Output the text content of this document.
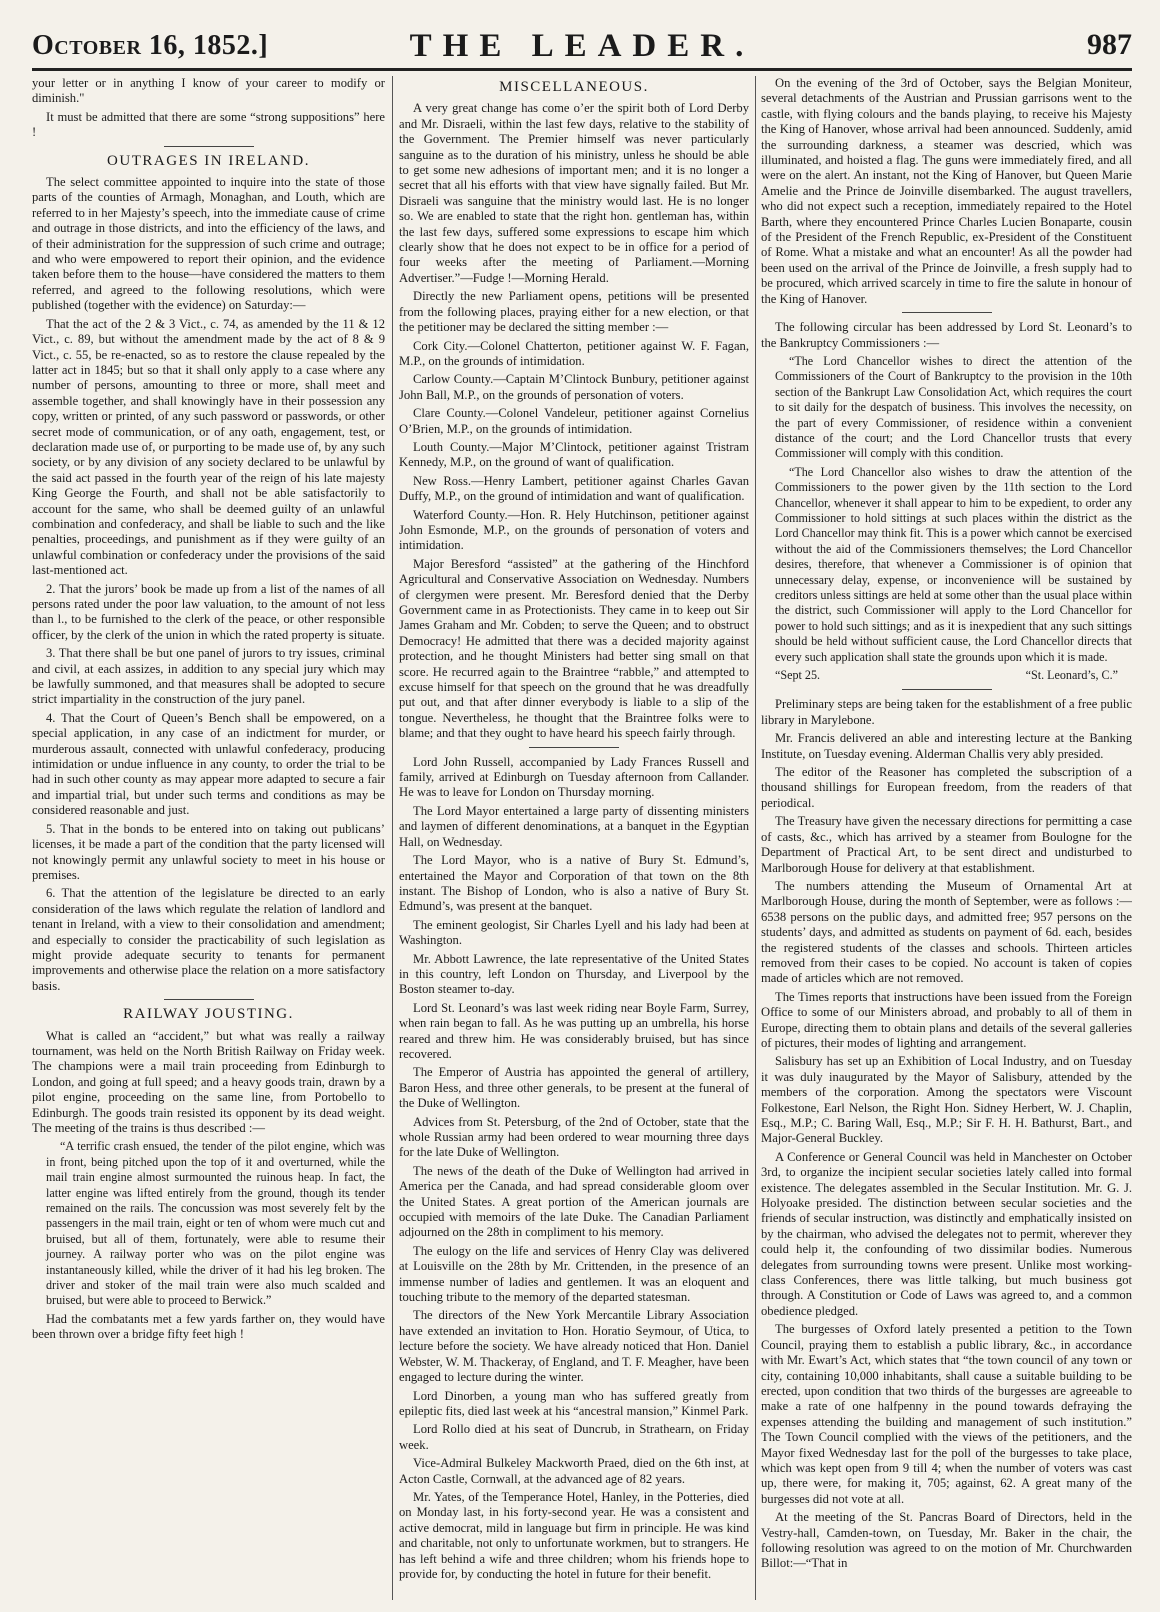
October 16, 1852.]	THE LEADER.	987

your letter or in anything I know of your career to modify or diminish."

It must be admitted that there are some “strong suppositions” here !

OUTRAGES IN IRELAND.

The select committee appointed to inquire into the state of those parts of the counties of Armagh, Monaghan, and Louth, which are referred to in her Majesty’s speech, into the immediate cause of crime and outrage in those districts, and into the efficiency of the laws, and of their administration for the suppression of such crime and outrage; and who were empowered to report their opinion, and the evidence taken before them to the house—have considered the matters to them referred, and agreed to the following resolutions, which were published (together with the evidence) on Saturday:—

That the act of the 2 & 3 Vict., c. 74, as amended by the 11 & 12 Vict., c. 89, but without the amendment made by the act of 8 & 9 Vict., c. 55, be re-enacted, so as to restore the clause repealed by the latter act in 1845; but so that it shall only apply to a case where any number of persons, amounting to three or more, shall meet and assemble together, and shall knowingly have in their possession any copy, written or printed, of any such password or passwords, or other secret mode of communication, or of any oath, engagement, test, or declaration made use of, or purporting to be made use of, by any such society, or by any division of any society declared to be unlawful by the said act passed in the fourth year of the reign of his late majesty King George the Fourth, and shall not be able satisfactorily to account for the same, who shall be deemed guilty of an unlawful combination and confederacy, and shall be liable to such and the like penalties, proceedings, and punishment as if they were guilty of an unlawful combination or confederacy under the provisions of the said last-mentioned act.

2. That the jurors’ book be made up from a list of the names of all persons rated under the poor law valuation, to the amount of not less than l., to be furnished to the clerk of the peace, or other responsible officer, by the clerk of the union in which the rated property is situate.

3. That there shall be but one panel of jurors to try issues, criminal and civil, at each assizes, in addition to any special jury which may be lawfully summoned, and that measures shall be adopted to secure strict impartiality in the construction of the jury panel.

4. That the Court of Queen’s Bench shall be empowered, on a special application, in any case of an indictment for murder, or murderous assault, connected with unlawful confederacy, producing intimidation or undue influence in any county, to order the trial to be had in such other county as may appear more adapted to secure a fair and impartial trial, but under such terms and conditions as may be considered reasonable and just.

5. That in the bonds to be entered into on taking out publicans’ licenses, it be made a part of the condition that the party licensed will not knowingly permit any unlawful society to meet in his house or premises.

6. That the attention of the legislature be directed to an early consideration of the laws which regulate the relation of landlord and tenant in Ireland, with a view to their consolidation and amendment; and especially to consider the practicability of such legislation as might provide adequate security to tenants for permanent improvements and otherwise place the relation on a more satisfactory basis.

RAILWAY JOUSTING.

What is called an “accident,” but what was really a railway tournament, was held on the North British Railway on Friday week. The champions were a mail train proceeding from Edinburgh to London, and going at full speed; and a heavy goods train, drawn by a pilot engine, proceeding on the same line, from Portobello to Edinburgh. The goods train resisted its opponent by its dead weight. The meeting of the trains is thus described :—

“A terrific crash ensued, the tender of the pilot engine, which was in front, being pitched upon the top of it and overturned, while the mail train engine almost surmounted the ruinous heap. In fact, the latter engine was lifted entirely from the ground, though its tender remained on the rails. The concussion was most severely felt by the passengers in the mail train, eight or ten of whom were much cut and bruised, but all of them, fortunately, were able to resume their journey. A railway porter who was on the pilot engine was instantaneously killed, while the driver of it had his leg broken. The driver and stoker of the mail train were also much scalded and bruised, but were able to proceed to Berwick.”

Had the combatants met a few yards farther on, they would have been thrown over a bridge fifty feet high !

MISCELLANEOUS.

A very great change has come o’er the spirit both of Lord Derby and Mr. Disraeli, within the last few days, relative to the stability of the Government. The Premier himself was never particularly sanguine as to the duration of his ministry, unless he should be able to get some new adhesions of important men; and it is no longer a secret that all his efforts with that view have signally failed. But Mr. Disraeli was sanguine that the ministry would last. He is no longer so. We are enabled to state that the right hon. gentleman has, within the last few days, suffered some expressions to escape him which clearly show that he does not expect to be in office for a period of four weeks after the meeting of Parliament.—Morning Advertiser.”—Fudge !—Morning Herald.

Directly the new Parliament opens, petitions will be presented from the following places, praying either for a new election, or that the petitioner may be declared the sitting member :—

Cork City.—Colonel Chatterton, petitioner against W. F. Fagan, M.P., on the grounds of intimidation.

Carlow County.—Captain M’Clintock Bunbury, petitioner against John Ball, M.P., on the grounds of personation of voters.

Clare County.—Colonel Vandeleur, petitioner against Cornelius O’Brien, M.P., on the grounds of intimidation.

Louth County.—Major M’Clintock, petitioner against Tristram Kennedy, M.P., on the ground of want of qualification.

New Ross.—Henry Lambert, petitioner against Charles Gavan Duffy, M.P., on the ground of intimidation and want of qualification.

Waterford County.—Hon. R. Hely Hutchinson, petitioner against John Esmonde, M.P., on the grounds of personation of voters and intimidation.

Major Beresford “assisted” at the gathering of the Hinchford Agricultural and Conservative Association on Wednesday. Numbers of clergymen were present. Mr. Beresford denied that the Derby Government came in as Protectionists. They came in to keep out Sir James Graham and Mr. Cobden; to serve the Queen; and to obstruct Democracy! He admitted that there was a decided majority against protection, and he thought Ministers had better sing small on that score. He recurred again to the Braintree “rabble,” and attempted to excuse himself for that speech on the ground that he was dreadfully put out, and that after dinner everybody is liable to a slip of the tongue. Nevertheless, he thought that the Braintree folks were to blame; and that they ought to have heard his speech fairly through.

Lord John Russell, accompanied by Lady Frances Russell and family, arrived at Edinburgh on Tuesday afternoon from Callander. He was to leave for London on Thursday morning.

The Lord Mayor entertained a large party of dissenting ministers and laymen of different denominations, at a banquet in the Egyptian Hall, on Wednesday.

The Lord Mayor, who is a native of Bury St. Edmund’s, entertained the Mayor and Corporation of that town on the 8th instant. The Bishop of London, who is also a native of Bury St. Edmund’s, was present at the banquet.

The eminent geologist, Sir Charles Lyell and his lady had been at Washington.

Mr. Abbott Lawrence, the late representative of the United States in this country, left London on Thursday, and Liverpool by the Boston steamer to-day.

Lord St. Leonard’s was last week riding near Boyle Farm, Surrey, when rain began to fall. As he was putting up an umbrella, his horse reared and threw him. He was considerably bruised, but has since recovered.

The Emperor of Austria has appointed the general of artillery, Baron Hess, and three other generals, to be present at the funeral of the Duke of Wellington.

Advices from St. Petersburg, of the 2nd of October, state that the whole Russian army had been ordered to wear mourning three days for the late Duke of Wellington.

The news of the death of the Duke of Wellington had arrived in America per the Canada, and had spread considerable gloom over the United States. A great portion of the American journals are occupied with memoirs of the late Duke. The Canadian Parliament adjourned on the 28th in compliment to his memory.

The eulogy on the life and services of Henry Clay was delivered at Louisville on the 28th by Mr. Crittenden, in the presence of an immense number of ladies and gentlemen. It was an eloquent and touching tribute to the memory of the departed statesman.

The directors of the New York Mercantile Library Association have extended an invitation to Hon. Horatio Seymour, of Utica, to lecture before the society. We have already noticed that Hon. Daniel Webster, W. M. Thackeray, of England, and T. F. Meagher, have been engaged to lecture during the winter.

Lord Dinorben, a young man who has suffered greatly from epileptic fits, died last week at his “ancestral mansion,” Kinmel Park.

Lord Rollo died at his seat of Duncrub, in Strathearn, on Friday week.

Vice-Admiral Bulkeley Mackworth Praed, died on the 6th inst, at Acton Castle, Cornwall, at the advanced age of 82 years.

Mr. Yates, of the Temperance Hotel, Hanley, in the Potteries, died on Monday last, in his forty-second year. He was a consistent and active democrat, mild in language but firm in principle. He was kind and charitable, not only to unfortunate workmen, but to strangers. He has left behind a wife and three children; whom his friends hope to provide for, by conducting the hotel in future for their benefit.

On the evening of the 3rd of October, says the Belgian Moniteur, several detachments of the Austrian and Prussian garrisons went to the castle, with flying colours and the bands playing, to receive his Majesty the King of Hanover, whose arrival had been announced. Suddenly, amid the surrounding darkness, a steamer was descried, which was illuminated, and hoisted a flag. The guns were immediately fired, and all were on the alert. An instant, not the King of Hanover, but Queen Marie Amelie and the Prince de Joinville disembarked. The august travellers, who did not expect such a reception, immediately repaired to the Hotel Barth, where they encountered Prince Charles Lucien Bonaparte, cousin of the President of the French Republic, ex-President of the Constituent of Rome. What a mistake and what an encounter! As all the powder had been used on the arrival of the Prince de Joinville, a fresh supply had to be procured, which arrived scarcely in time to fire the salute in honour of the King of Hanover.

The following circular has been addressed by Lord St. Leonard’s to the Bankruptcy Commissioners :—

“The Lord Chancellor wishes to direct the attention of the Commissioners of the Court of Bankruptcy to the provision in the 10th section of the Bankrupt Law Consolidation Act, which requires the court to sit daily for the despatch of business. This involves the necessity, on the part of every Commissioner, of residence within a convenient distance of the court; and the Lord Chancellor trusts that every Commissioner will comply with this condition.

“The Lord Chancellor also wishes to draw the attention of the Commissioners to the power given by the 11th section to the Lord Chancellor, whenever it shall appear to him to be expedient, to order any Commissioner to hold sittings at such places within the district as the Lord Chancellor may think fit. This is a power which cannot be exercised without the aid of the Commissioners themselves; the Lord Chancellor desires, therefore, that whenever a Commissioner is of opinion that unnecessary delay, expense, or inconvenience will be sustained by creditors unless sittings are held at some other than the usual place within the district, such Commissioner will apply to the Lord Chancellor for power to hold such sittings; and as it is inexpedient that any such sittings should be held without sufficient cause, the Lord Chancellor directs that every such application shall state the grounds upon which it is made.

“Sept 25.	“St. Leonard’s, C.”

Preliminary steps are being taken for the establishment of a free public library in Marylebone.

Mr. Francis delivered an able and interesting lecture at the Banking Institute, on Tuesday evening. Alderman Challis very ably presided.

The editor of the Reasoner has completed the subscription of a thousand shillings for European freedom, from the readers of that periodical.

The Treasury have given the necessary directions for permitting a case of casts, &c., which has arrived by a steamer from Boulogne for the Department of Practical Art, to be sent direct and undisturbed to Marlborough House for delivery at that establishment.

The numbers attending the Museum of Ornamental Art at Marlborough House, during the month of September, were as follows :—6538 persons on the public days, and admitted free; 957 persons on the students’ days, and admitted as students on payment of 6d. each, besides the registered students of the classes and schools. Thirteen articles removed from their cases to be copied. No account is taken of copies made of articles which are not removed.

The Times reports that instructions have been issued from the Foreign Office to some of our Ministers abroad, and probably to all of them in Europe, directing them to obtain plans and details of the several galleries of pictures, their modes of lighting and arrangement.

Salisbury has set up an Exhibition of Local Industry, and on Tuesday it was duly inaugurated by the Mayor of Salisbury, attended by the members of the corporation. Among the spectators were Viscount Folkestone, Earl Nelson, the Right Hon. Sidney Herbert, W. J. Chaplin, Esq., M.P.; C. Baring Wall, Esq., M.P.; Sir F. H. H. Bathurst, Bart., and Major-General Buckley.

A Conference or General Council was held in Manchester on October 3rd, to organize the incipient secular societies lately called into formal existence. The delegates assembled in the Secular Institution. Mr. G. J. Holyoake presided. The distinction between secular societies and the friends of secular instruction, was distinctly and emphatically insisted on by the chairman, who advised the delegates not to permit, wherever they could help it, the confounding of two dissimilar bodies. Numerous delegates from surrounding towns were present. Unlike most working-class Conferences, there was little talking, but much business got through. A Constitution or Code of Laws was agreed to, and a common obedience pledged.

The burgesses of Oxford lately presented a petition to the Town Council, praying them to establish a public library, &c., in accordance with Mr. Ewart’s Act, which states that “the town council of any town or city, containing 10,000 inhabitants, shall cause a suitable building to be erected, upon condition that two thirds of the burgesses are agreeable to make a rate of one halfpenny in the pound towards defraying the expenses attending the building and management of such institution.” The Town Council complied with the views of the petitioners, and the Mayor fixed Wednesday last for the poll of the burgesses to take place, which was kept open from 9 till 4; when the number of voters was cast up, there were, for making it, 705; against, 62. A great many of the burgesses did not vote at all.

At the meeting of the St. Pancras Board of Directors, held in the Vestry-hall, Camden-town, on Tuesday, Mr. Baker in the chair, the following resolution was agreed to on the motion of Mr. Churchwarden Billot:—“That in
